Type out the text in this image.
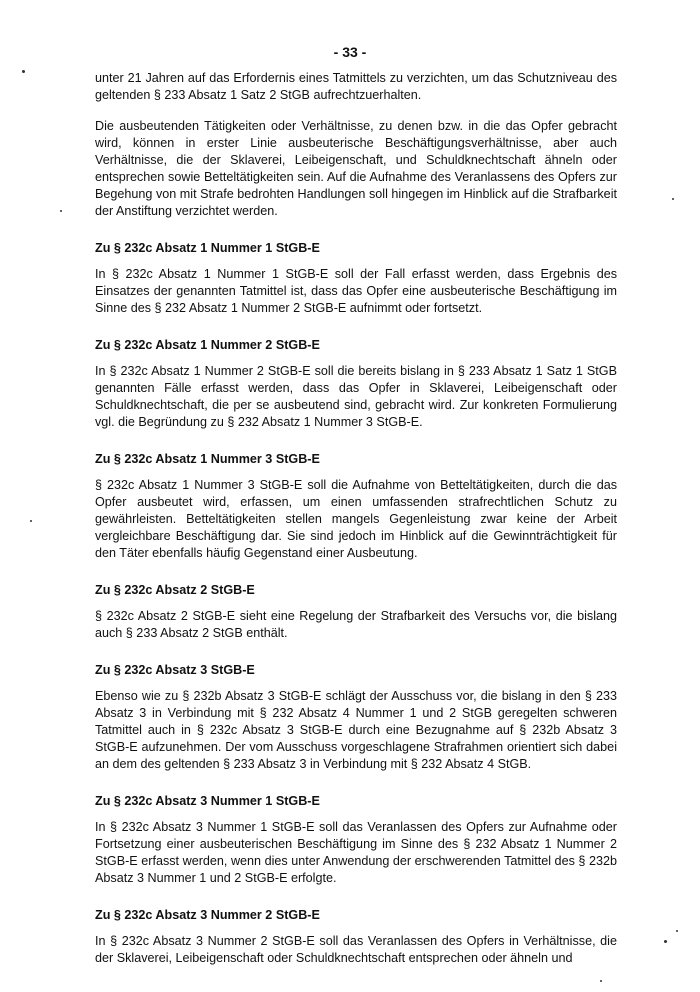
- 33 -
unter 21 Jahren auf das Erfordernis eines Tatmittels zu verzichten, um das Schutzniveau des geltenden § 233 Absatz 1 Satz 2 StGB aufrechtzuerhalten.
Die ausbeutenden Tätigkeiten oder Verhältnisse, zu denen bzw. in die das Opfer gebracht wird, können in erster Linie ausbeuterische Beschäftigungsverhältnisse, aber auch Verhältnisse, die der Sklaverei, Leibeigenschaft, und Schuldknechtschaft ähneln oder entsprechen sowie Betteltätigkeiten sein. Auf die Aufnahme des Veranlassens des Opfers zur Begehung von mit Strafe bedrohten Handlungen soll hingegen im Hinblick auf die Strafbarkeit der Anstiftung verzichtet werden.
Zu § 232c Absatz 1 Nummer 1 StGB-E
In § 232c Absatz 1 Nummer 1 StGB-E soll der Fall erfasst werden, dass Ergebnis des Einsatzes der genannten Tatmittel ist, dass das Opfer eine ausbeuterische Beschäftigung im Sinne des § 232 Absatz 1 Nummer 2 StGB-E aufnimmt oder fortsetzt.
Zu § 232c Absatz 1 Nummer 2 StGB-E
In § 232c Absatz 1 Nummer 2 StGB-E soll die bereits bislang in § 233 Absatz 1 Satz 1 StGB genannten Fälle erfasst werden, dass das Opfer in Sklaverei, Leibeigenschaft oder Schuldknechtschaft, die per se ausbeutend sind, gebracht wird. Zur konkreten Formulierung vgl. die Begründung zu § 232 Absatz 1 Nummer 3 StGB-E.
Zu § 232c Absatz 1 Nummer 3 StGB-E
§ 232c Absatz 1 Nummer 3 StGB-E soll die Aufnahme von Betteltätigkeiten, durch die das Opfer ausbeutet wird, erfassen, um einen umfassenden strafrechtlichen Schutz zu gewährleisten. Betteltätigkeiten stellen mangels Gegenleistung zwar keine der Arbeit vergleichbare Beschäftigung dar. Sie sind jedoch im Hinblick auf die Gewinnträchtigkeit für den Täter ebenfalls häufig Gegenstand einer Ausbeutung.
Zu § 232c Absatz 2 StGB-E
§ 232c Absatz 2 StGB-E sieht eine Regelung der Strafbarkeit des Versuchs vor, die bislang auch § 233 Absatz 2 StGB enthält.
Zu § 232c Absatz 3 StGB-E
Ebenso wie zu § 232b Absatz 3 StGB-E schlägt der Ausschuss vor, die bislang in den § 233 Absatz 3 in Verbindung mit § 232 Absatz 4 Nummer 1 und 2 StGB geregelten schweren Tatmittel auch in § 232c Absatz 3 StGB-E durch eine Bezugnahme auf § 232b Absatz 3 StGB-E aufzunehmen. Der vom Ausschuss vorgeschlagene Strafrahmen orientiert sich dabei an dem des geltenden § 233 Absatz 3 in Verbindung mit § 232 Absatz 4 StGB.
Zu § 232c Absatz 3 Nummer 1 StGB-E
In § 232c Absatz 3 Nummer 1 StGB-E soll das Veranlassen des Opfers zur Aufnahme oder Fortsetzung einer ausbeuterischen Beschäftigung im Sinne des § 232 Absatz 1 Nummer 2 StGB-E erfasst werden, wenn dies unter Anwendung der erschwerenden Tatmittel des § 232b Absatz 3 Nummer 1 und 2 StGB-E erfolgte.
Zu § 232c Absatz 3 Nummer 2 StGB-E
In § 232c Absatz 3 Nummer 2 StGB-E soll das Veranlassen des Opfers in Verhältnisse, die der Sklaverei, Leibeigenschaft oder Schuldknechtschaft entsprechen oder ähneln und
